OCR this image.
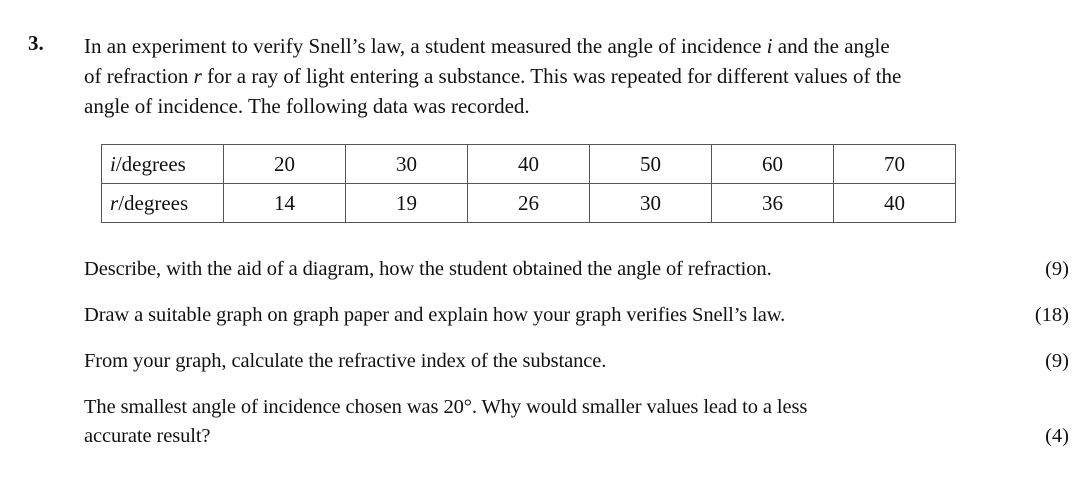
3. In an experiment to verify Snell’s law, a student measured the angle of incidence i and the angle

of refraction r for a ray of light entering a substance. This was repeated for different values of the

angle of incidence. The following data was recorded.

i/degrees	20	30	40	50	60	70
r/degrees	14	19	26	30	36	40
Describe, with the aid of a diagram, how the student obtained the angle of refraction.	(9)
Draw a suitable graph on graph paper and explain how your graph verifies Snell’s law.	(18)
From your graph, calculate the refractive index of the substance.	(9)
The smallest angle of incidence chosen was 20°. Why would smaller values lead to a less
accurate result?	(4)
